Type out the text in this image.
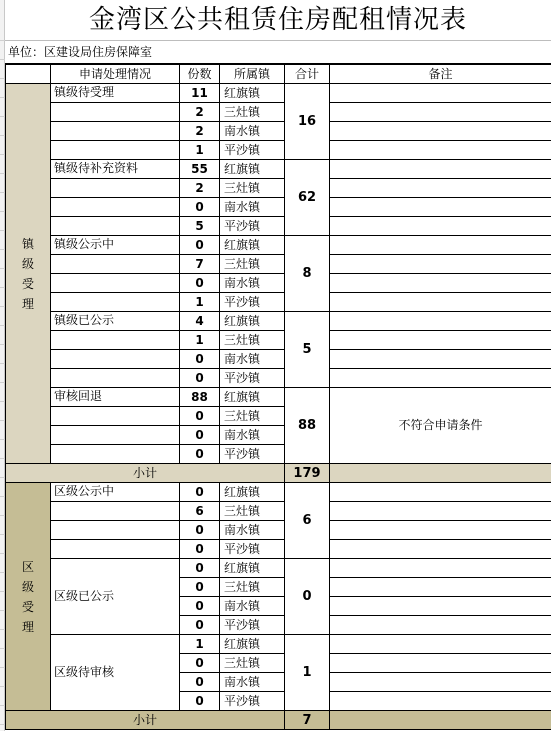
金湾区公共租赁住房配租情况表
单位：区建设局住房保障室
	申请处理情况	份数	所属镇	合计	备注
镇级受理	镇级待受理	11	红旗镇	16	
		2	三灶镇		
		2	南水镇		
		1	平沙镇		
	镇级待补充资料	55	红旗镇	62	
		2	三灶镇		
		0	南水镇		
		5	平沙镇		
	镇级公示中	0	红旗镇	8	
		7	三灶镇		
		0	南水镇		
		1	平沙镇		
	镇级已公示	4	红旗镇	5	
		1	三灶镇		
		0	南水镇		
		0	平沙镇		
	审核回退	88	红旗镇	88	不符合申请条件
		0	三灶镇		
		0	南水镇		
		0	平沙镇		
小计				179	
区级受理	区级公示中	0	红旗镇	6	
		6	三灶镇		
		0	南水镇		
		0	平沙镇		
	区级已公示	0	红旗镇	0	
		0	三灶镇		
		0	南水镇		
		0	平沙镇		
	区级待审核	1	红旗镇	1	
		0	三灶镇		
		0	南水镇		
		0	平沙镇		
小计				7	
